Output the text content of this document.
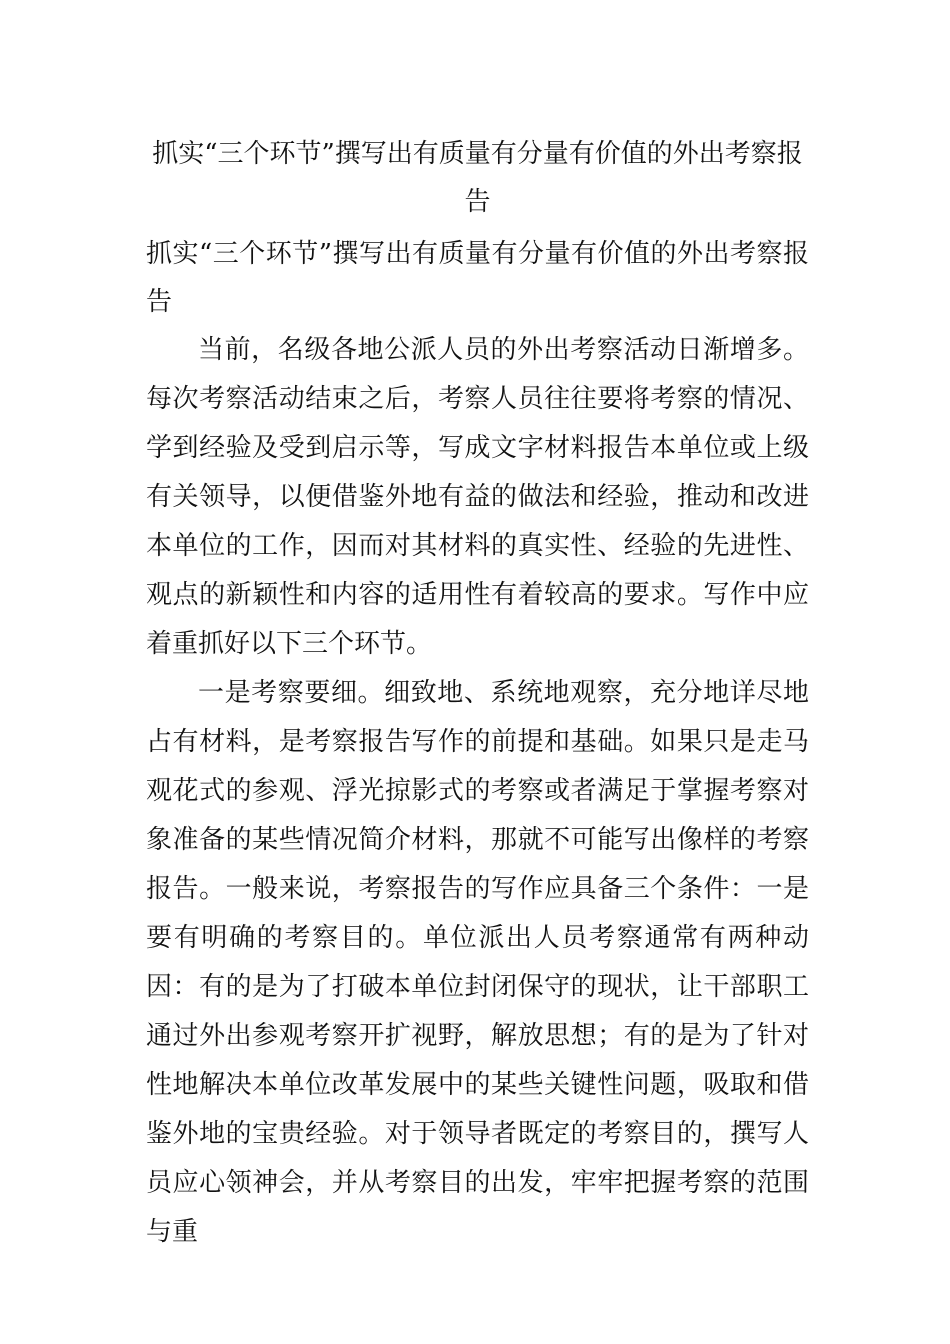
抓实“三个环节”撰写出有质量有分量有价值的外出考察报告

抓实“三个环节”撰写出有质量有分量有价值的外出考察报告

当前，名级各地公派人员的外出考察活动日渐增多。每次考察活动结束之后，考察人员往往要将考察的情况、学到经验及受到启示等，写成文字材料报告本单位或上级有关领导，以便借鉴外地有益的做法和经验，推动和改进本单位的工作，因而对其材料的真实性、经验的先进性、观点的新颖性和内容的适用性有着较高的要求。写作中应着重抓好以下三个环节。

一是考察要细。细致地、系统地观察，充分地详尽地占有材料，是考察报告写作的前提和基础。如果只是走马观花式的参观、浮光掠影式的考察或者满足于掌握考察对象准备的某些情况简介材料，那就不可能写出像样的考察报告。一般来说，考察报告的写作应具备三个条件：一是要有明确的考察目的。单位派出人员考察通常有两种动因：有的是为了打破本单位封闭保守的现状，让干部职工通过外出参观考察开扩视野，解放思想；有的是为了针对性地解决本单位改革发展中的某些关键性问题，吸取和借鉴外地的宝贵经验。对于领导者既定的考察目的，撰写人员应心领神会，并从考察目的出发，牢牢把握考察的范围与重
